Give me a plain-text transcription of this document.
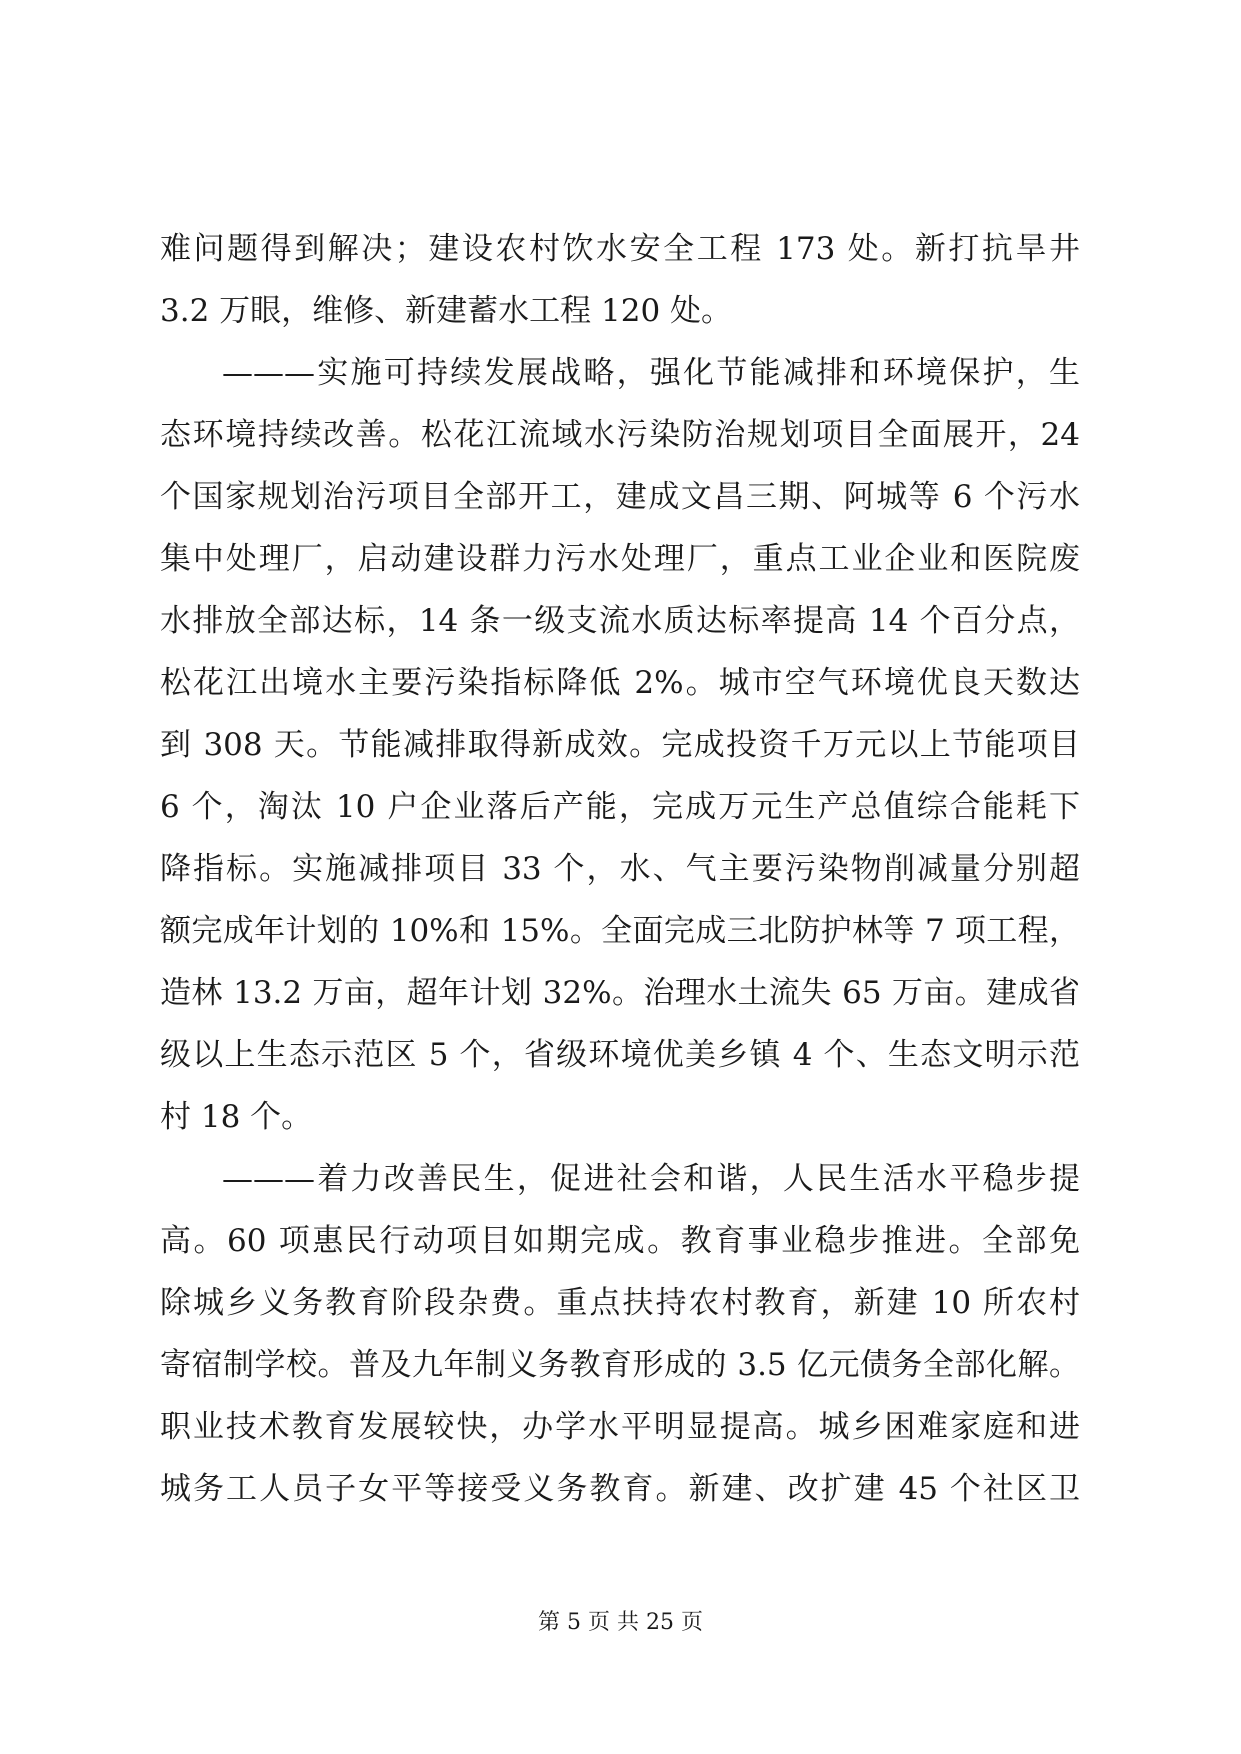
难问题得到解决；建设农村饮水安全工程 173 处。新打抗旱井
3.2 万眼，维修、新建蓄水工程 120 处。
———实施可持续发展战略，强化节能减排和环境保护，生
态环境持续改善。松花江流域水污染防治规划项目全面展开，24
个国家规划治污项目全部开工，建成文昌三期、阿城等 6 个污水
集中处理厂，启动建设群力污水处理厂，重点工业企业和医院废
水排放全部达标，14 条一级支流水质达标率提高 14 个百分点，
松花江出境水主要污染指标降低 2%。城市空气环境优良天数达
到 308 天。节能减排取得新成效。完成投资千万元以上节能项目
6 个，淘汰 10 户企业落后产能，完成万元生产总值综合能耗下
降指标。实施减排项目 33 个，水、气主要污染物削减量分别超
额完成年计划的 10%和 15%。全面完成三北防护林等 7 项工程，
造林 13.2 万亩，超年计划 32%。治理水土流失 65 万亩。建成省
级以上生态示范区 5 个，省级环境优美乡镇 4 个、生态文明示范
村 18 个。
———着力改善民生，促进社会和谐，人民生活水平稳步提
高。60 项惠民行动项目如期完成。教育事业稳步推进。全部免
除城乡义务教育阶段杂费。重点扶持农村教育，新建 10 所农村
寄宿制学校。普及九年制义务教育形成的 3.5 亿元债务全部化解。
职业技术教育发展较快，办学水平明显提高。城乡困难家庭和进
城务工人员子女平等接受义务教育。新建、改扩建 45 个社区卫
第 5 页 共 25 页
